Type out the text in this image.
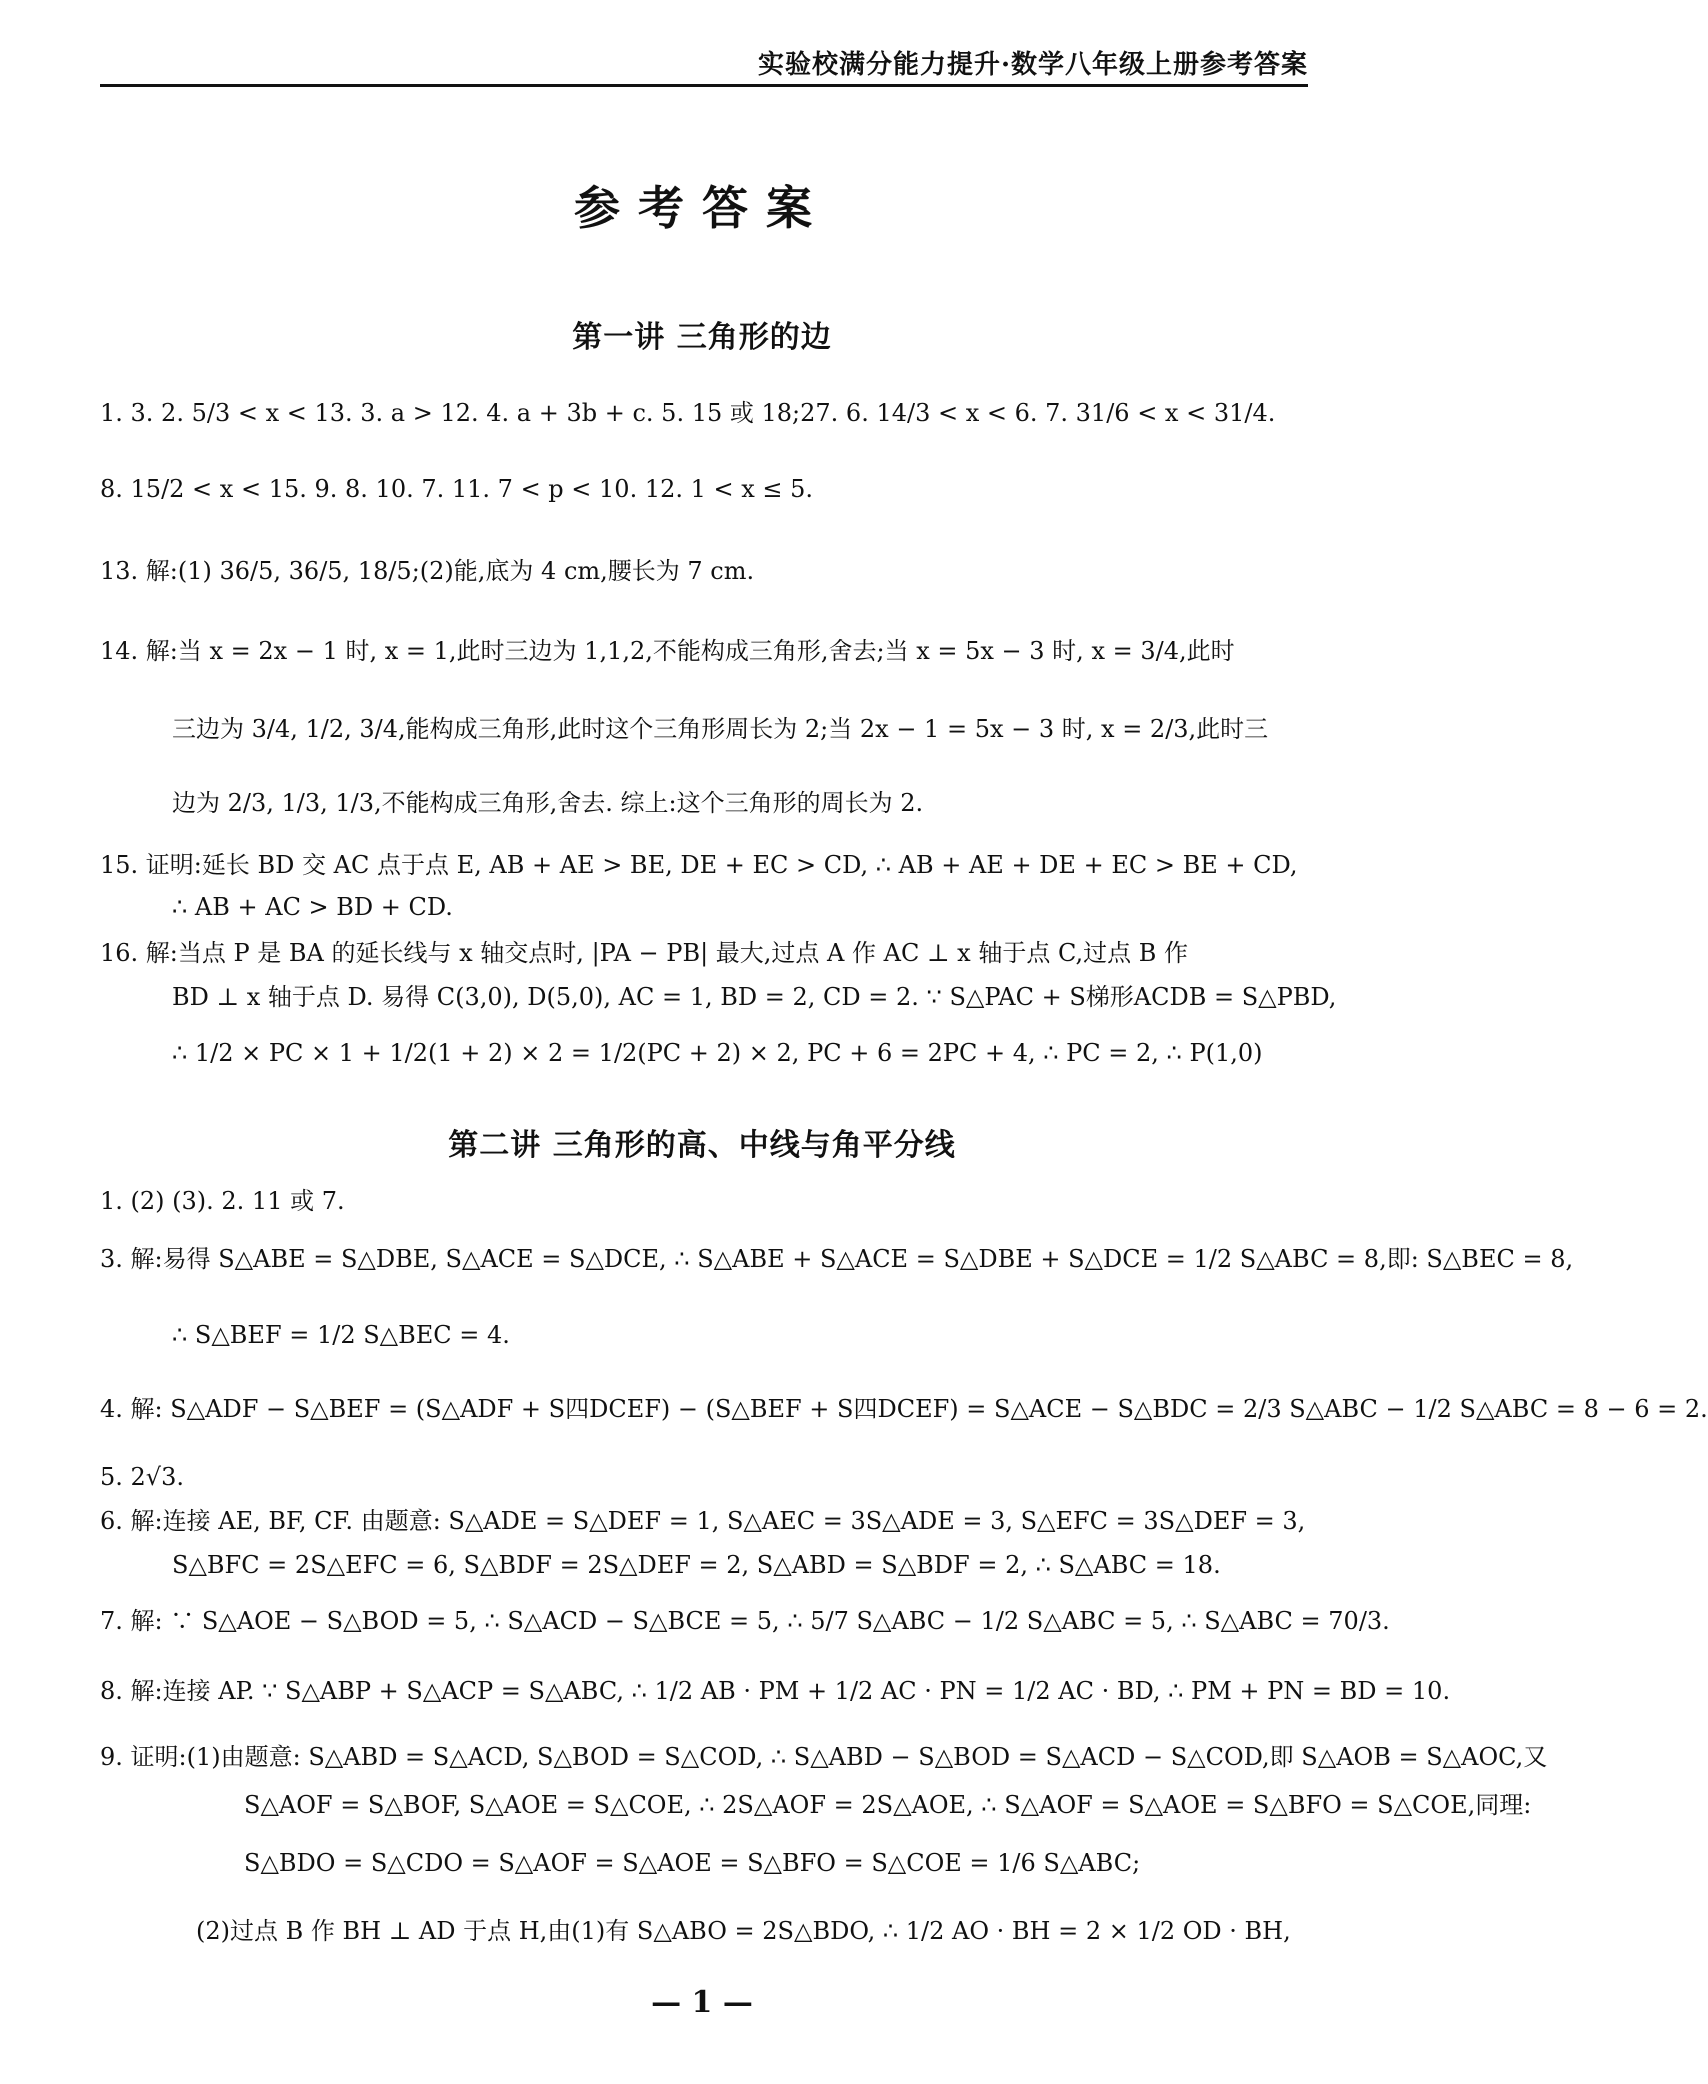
实验校满分能力提升·数学八年级上册参考答案
参考答案
第一讲 三角形的边
1. 3. 2. 5/3 < x < 13. 3. a > 12. 4. a + 3b + c. 5. 15 或 18;27. 6. 14/3 < x < 6. 7. 31/6 < x < 31/4.
8. 15/2 < x < 15. 9. 8. 10. 7. 11. 7 < p < 10. 12. 1 < x ≤ 5.
13. 解:(1) 36/5, 36/5, 18/5;(2)能,底为 4 cm,腰长为 7 cm.
14. 解:当 x = 2x − 1 时, x = 1,此时三边为 1,1,2,不能构成三角形,舍去;当 x = 5x − 3 时, x = 3/4,此时
三边为 3/4, 1/2, 3/4,能构成三角形,此时这个三角形周长为 2;当 2x − 1 = 5x − 3 时, x = 2/3,此时三
边为 2/3, 1/3, 1/3,不能构成三角形,舍去. 综上:这个三角形的周长为 2.
15. 证明:延长 BD 交 AC 点于点 E, AB + AE > BE, DE + EC > CD, ∴ AB + AE + DE + EC > BE + CD,
∴ AB + AC > BD + CD.
16. 解:当点 P 是 BA 的延长线与 x 轴交点时, |PA − PB| 最大,过点 A 作 AC ⊥ x 轴于点 C,过点 B 作
BD ⊥ x 轴于点 D. 易得 C(3,0), D(5,0), AC = 1, BD = 2, CD = 2. ∵ S△PAC + S梯形ACDB = S△PBD,
∴ 1/2 × PC × 1 + 1/2(1 + 2) × 2 = 1/2(PC + 2) × 2, PC + 6 = 2PC + 4, ∴ PC = 2, ∴ P(1,0)
第二讲 三角形的高、中线与角平分线
1. (2) (3). 2. 11 或 7.
3. 解:易得 S△ABE = S△DBE, S△ACE = S△DCE, ∴ S△ABE + S△ACE = S△DBE + S△DCE = 1/2 S△ABC = 8,即: S△BEC = 8,
∴ S△BEF = 1/2 S△BEC = 4.
4. 解: S△ADF − S△BEF = (S△ADF + S四DCEF) − (S△BEF + S四DCEF) = S△ACE − S△BDC = 2/3 S△ABC − 1/2 S△ABC = 8 − 6 = 2.
5. 2√3.
6. 解:连接 AE, BF, CF. 由题意: S△ADE = S△DEF = 1, S△AEC = 3S△ADE = 3, S△EFC = 3S△DEF = 3,
S△BFC = 2S△EFC = 6, S△BDF = 2S△DEF = 2, S△ABD = S△BDF = 2, ∴ S△ABC = 18.
7. 解: ∵ S△AOE − S△BOD = 5, ∴ S△ACD − S△BCE = 5, ∴ 5/7 S△ABC − 1/2 S△ABC = 5, ∴ S△ABC = 70/3.
8. 解:连接 AP. ∵ S△ABP + S△ACP = S△ABC, ∴ 1/2 AB · PM + 1/2 AC · PN = 1/2 AC · BD, ∴ PM + PN = BD = 10.
9. 证明:(1)由题意: S△ABD = S△ACD, S△BOD = S△COD, ∴ S△ABD − S△BOD = S△ACD − S△COD,即 S△AOB = S△AOC,又
S△AOF = S△BOF, S△AOE = S△COE, ∴ 2S△AOF = 2S△AOE, ∴ S△AOF = S△AOE = S△BFO = S△COE,同理:
S△BDO = S△CDO = S△AOF = S△AOE = S△BFO = S△COE = 1/6 S△ABC;
(2)过点 B 作 BH ⊥ AD 于点 H,由(1)有 S△ABO = 2S△BDO, ∴ 1/2 AO · BH = 2 × 1/2 OD · BH,
— 1 —
